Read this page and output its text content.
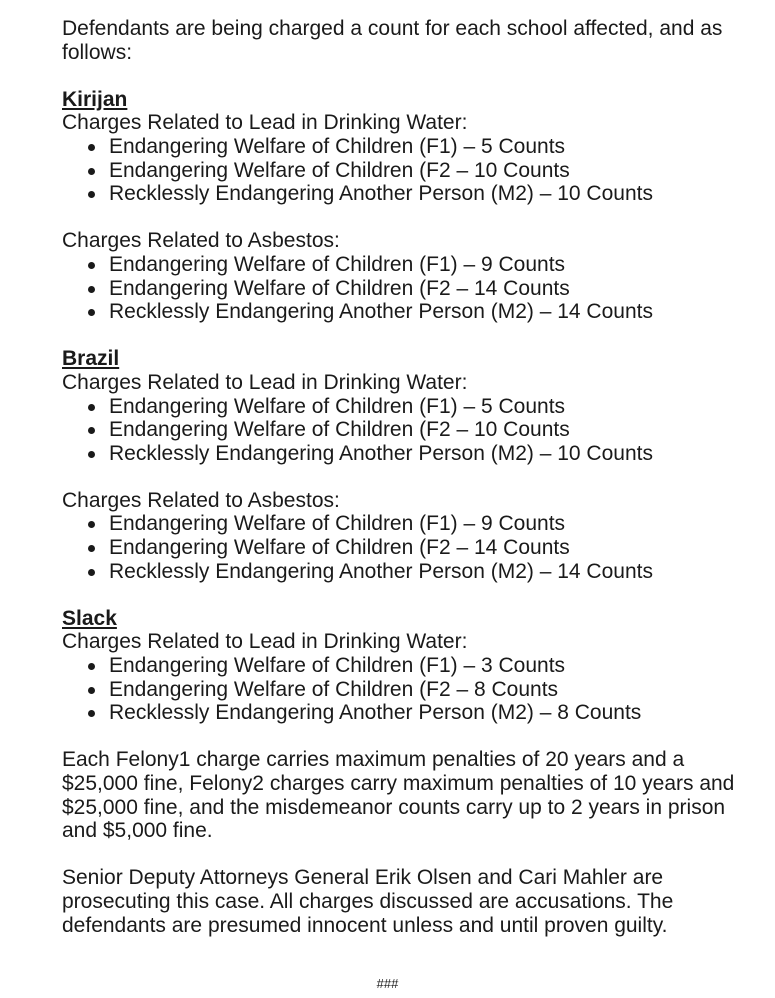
Defendants are being charged a count for each school affected, and as follows:

Kirijan

Charges Related to Lead in Drinking Water:

Endangering Welfare of Children (F1) – 5 Counts
Endangering Welfare of Children (F2 – 10 Counts
Recklessly Endangering Another Person (M2) – 10 Counts

Charges Related to Asbestos:

Endangering Welfare of Children (F1) – 9 Counts
Endangering Welfare of Children (F2 – 14 Counts
Recklessly Endangering Another Person (M2) – 14 Counts
Brazil

Charges Related to Lead in Drinking Water:

Endangering Welfare of Children (F1) – 5 Counts
Endangering Welfare of Children (F2 – 10 Counts
Recklessly Endangering Another Person (M2) – 10 Counts

Charges Related to Asbestos:

Endangering Welfare of Children (F1) – 9 Counts
Endangering Welfare of Children (F2 – 14 Counts
Recklessly Endangering Another Person (M2) – 14 Counts
Slack

Charges Related to Lead in Drinking Water:

Endangering Welfare of Children (F1) – 3 Counts
Endangering Welfare of Children (F2 – 8 Counts
Recklessly Endangering Another Person (M2) – 8 Counts

Each Felony1 charge carries maximum penalties of 20 years and a $25,000 fine, Felony2 charges carry maximum penalties of 10 years and $25,000 fine, and the misdemeanor counts carry up to 2 years in prison and $5,000 fine.

Senior Deputy Attorneys General Erik Olsen and Cari Mahler are prosecuting this case. All charges discussed are accusations. The defendants are presumed innocent unless and until proven guilty.

###
